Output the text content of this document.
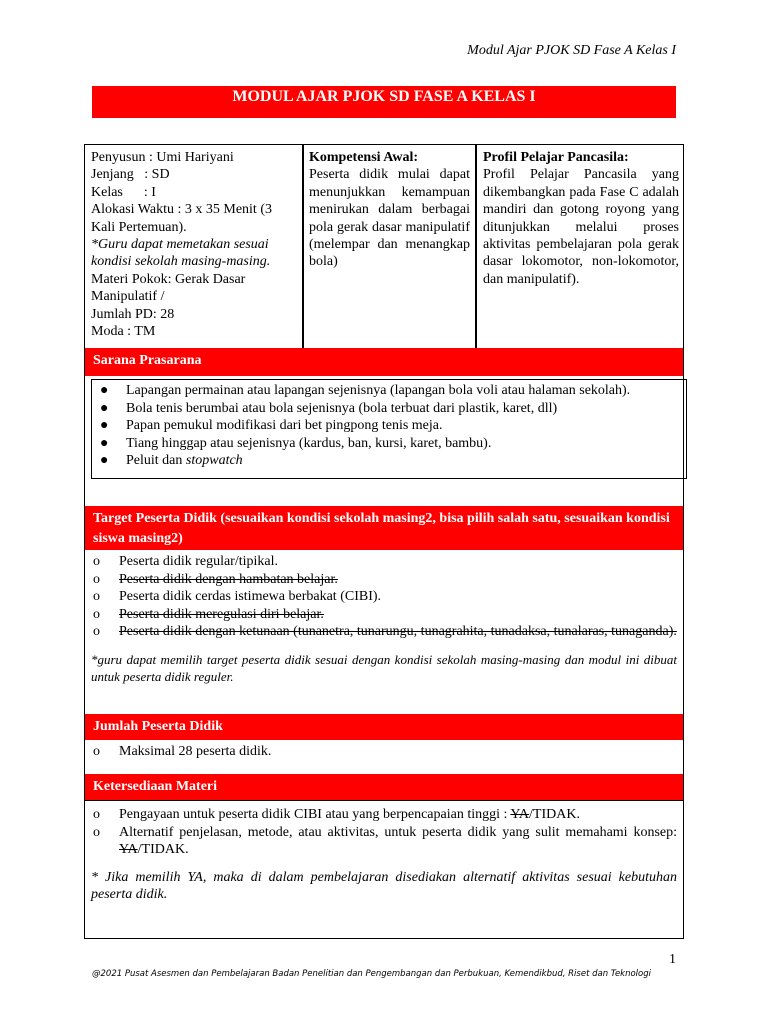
Modul Ajar PJOK SD Fase A Kelas I
MODUL AJAR PJOK SD FASE A KELAS I
Penyusun : Umi Hariyani
Jenjang   : SD
Kelas      : I
Alokasi Waktu : 3 x 35 Menit (3 Kali Pertemuan).
*Guru dapat memetakan sesuai kondisi sekolah masing-masing.
Materi Pokok: Gerak Dasar Manipulatif /
Jumlah PD: 28
Moda : TM
Kompetensi Awal:
Peserta didik mulai dapat menunjukkan kemampuan menirukan dalam berbagai pola gerak dasar manipulatif (melempar dan menangkap bola)
Profil Pelajar Pancasila:
Profil Pelajar Pancasila yang dikembangkan pada Fase C adalah mandiri dan gotong royong yang ditunjukkan melalui proses aktivitas pembelajaran pola gerak dasar lokomotor, non-lokomotor, dan manipulatif).
Sarana Prasarana
● Lapangan permainan atau lapangan sejenisnya (lapangan bola voli atau halaman sekolah).
● Bola tenis berumbai atau bola sejenisnya (bola terbuat dari plastik, karet, dll)
● Papan pemukul modifikasi dari bet pingpong tenis meja.
● Tiang hinggap atau sejenisnya (kardus, ban, kursi, karet, bambu).
● Peluit dan stopwatch
Target Peserta Didik (sesuaikan kondisi sekolah masing2, bisa pilih salah satu, sesuaikan kondisi siswa masing2)
o Peserta didik regular/tipikal.
o Peserta didik dengan hambatan belajar.
o Peserta didik cerdas istimewa berbakat (CIBI).
o Peserta didik meregulasi diri belajar.
o Peserta didik dengan ketunaan (tunanetra, tunarungu, tunagrahita, tunadaksa, tunalaras, tunaganda).
*guru dapat memilih target peserta didik sesuai dengan kondisi sekolah masing-masing dan modul ini dibuat untuk peserta didik reguler.
Jumlah Peserta Didik
o Maksimal 28 peserta didik.
Ketersediaan Materi
o Pengayaan untuk peserta didik CIBI atau yang berpencapaian tinggi : YA/TIDAK.
o Alternatif penjelasan, metode, atau aktivitas, untuk peserta didik yang sulit memahami konsep: YA/TIDAK.
* Jika memilih YA, maka di dalam pembelajaran disediakan alternatif aktivitas sesuai kebutuhan peserta didik.
1
@2021 Pusat Asesmen dan Pembelajaran Badan Penelitian dan Pengembangan dan Perbukuan, Kemendikbud, Riset dan Teknologi
